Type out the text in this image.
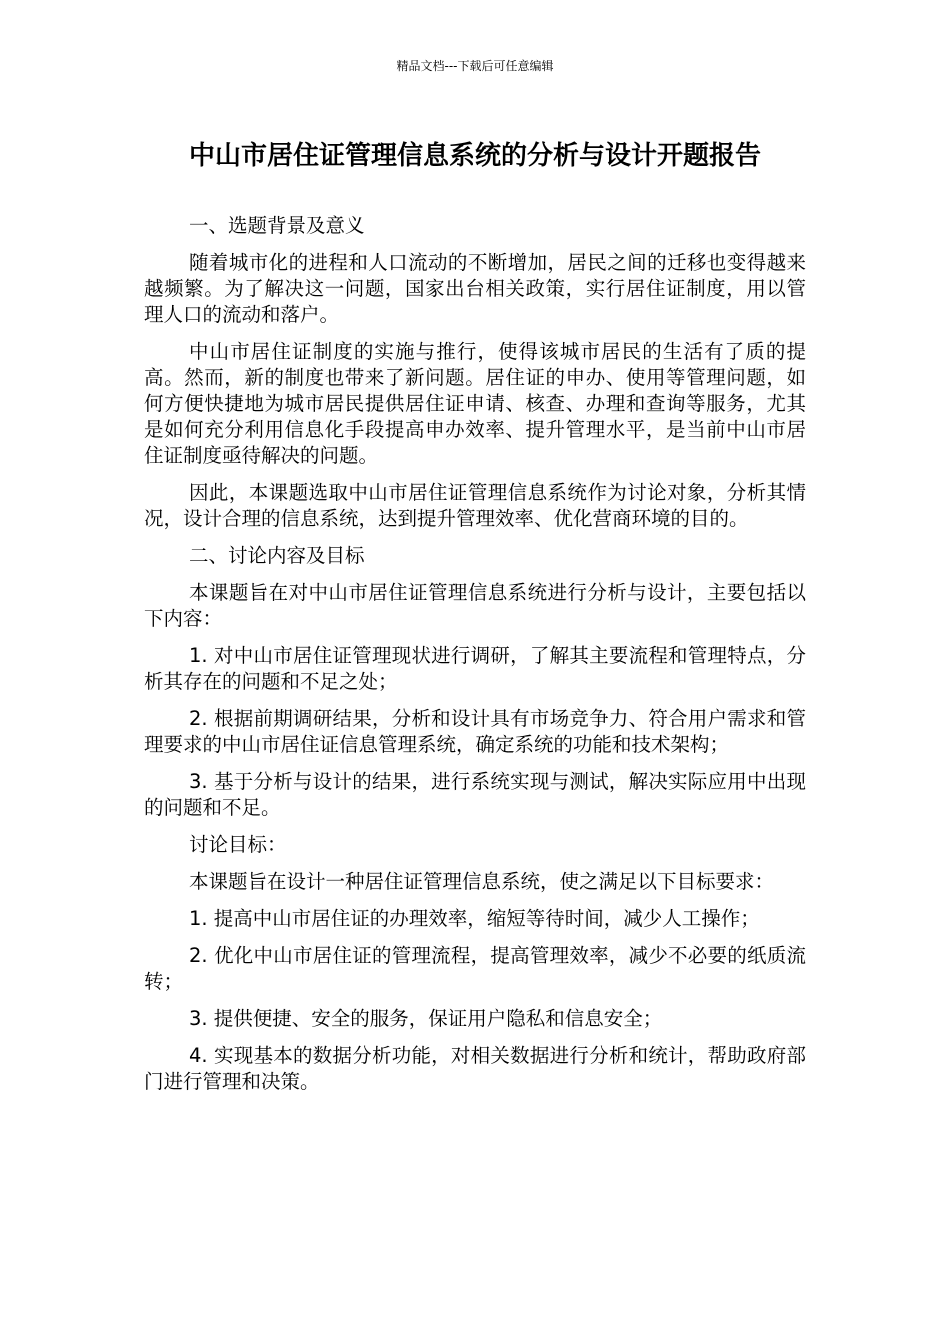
精品文档---下载后可任意编辑
中山市居住证管理信息系统的分析与设计开题报告

一、选题背景及意义

随着城市化的进程和人口流动的不断增加，居民之间的迁移也变得越来越频繁。为了解决这一问题，国家出台相关政策，实行居住证制度，用以管理人口的流动和落户。

中山市居住证制度的实施与推行，使得该城市居民的生活有了质的提高。然而，新的制度也带来了新问题。居住证的申办、使用等管理问题，如何方便快捷地为城市居民提供居住证申请、核查、办理和查询等服务，尤其是如何充分利用信息化手段提高申办效率、提升管理水平，是当前中山市居住证制度亟待解决的问题。

因此，本课题选取中山市居住证管理信息系统作为讨论对象，分析其情况，设计合理的信息系统，达到提升管理效率、优化营商环境的目的。

二、讨论内容及目标

本课题旨在对中山市居住证管理信息系统进行分析与设计，主要包括以下内容：

1. 对中山市居住证管理现状进行调研，了解其主要流程和管理特点，分析其存在的问题和不足之处；

2. 根据前期调研结果，分析和设计具有市场竞争力、符合用户需求和管理要求的中山市居住证信息管理系统，确定系统的功能和技术架构；

3. 基于分析与设计的结果，进行系统实现与测试，解决实际应用中出现的问题和不足。

讨论目标：

本课题旨在设计一种居住证管理信息系统，使之满足以下目标要求：

1. 提高中山市居住证的办理效率，缩短等待时间，减少人工操作；

2. 优化中山市居住证的管理流程，提高管理效率，减少不必要的纸质流转；

3. 提供便捷、安全的服务，保证用户隐私和信息安全；

4. 实现基本的数据分析功能，对相关数据进行分析和统计，帮助政府部门进行管理和决策。
